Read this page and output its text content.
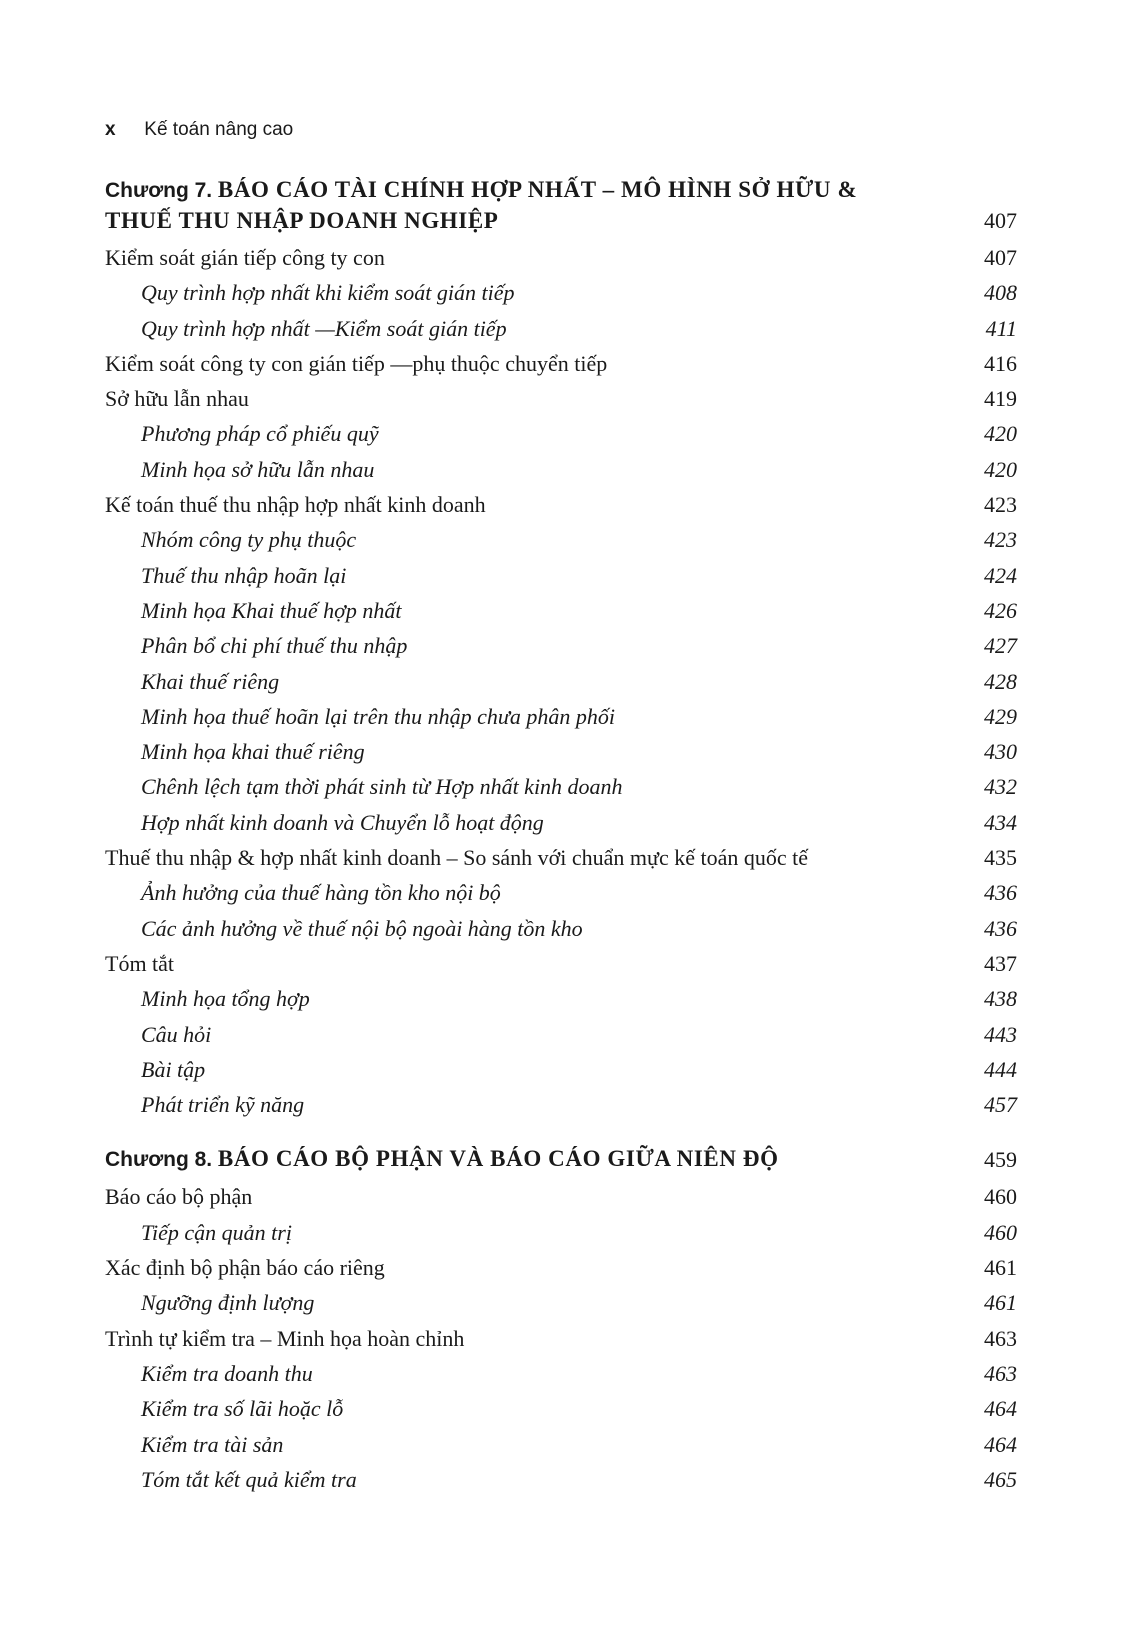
x Kế toán nâng cao
Chương 7. BÁO CÁO TÀI CHÍNH HỢP NHẤT – MÔ HÌNH SỞ HỮU & THUẾ THU NHẬP DOANH NGHIỆP	407
Kiểm soát gián tiếp công ty con	407
Quy trình hợp nhất khi kiểm soát gián tiếp	408
Quy trình hợp nhất —Kiểm soát gián tiếp	411
Kiểm soát công ty con gián tiếp —phụ thuộc chuyển tiếp	416
Sở hữu lẫn nhau	419
Phương pháp cổ phiếu quỹ	420
Minh họa sở hữu lẫn nhau	420
Kế toán thuế thu nhập hợp nhất kinh doanh	423
Nhóm công ty phụ thuộc	423
Thuế thu nhập hoãn lại	424
Minh họa Khai thuế hợp nhất	426
Phân bổ chi phí thuế thu nhập	427
Khai thuế riêng	428
Minh họa thuế hoãn lại trên thu nhập chưa phân phối	429
Minh họa khai thuế riêng	430
Chênh lệch tạm thời phát sinh từ Hợp nhất kinh doanh	432
Hợp nhất kinh doanh và Chuyển lỗ hoạt động	434
Thuế thu nhập & hợp nhất kinh doanh – So sánh với chuẩn mực kế toán quốc tế	435
Ảnh hưởng của thuế hàng tồn kho nội bộ	436
Các ảnh hưởng về thuế nội bộ ngoài hàng tồn kho	436
Tóm tắt	437
Minh họa tổng hợp	438
Câu hỏi	443
Bài tập	444
Phát triển kỹ năng	457
Chương 8. BÁO CÁO BỘ PHẬN VÀ BÁO CÁO GIỮA NIÊN ĐỘ	459
Báo cáo bộ phận	460
Tiếp cận quản trị	460
Xác định bộ phận báo cáo riêng	461
Ngưỡng định lượng	461
Trình tự kiểm tra – Minh họa hoàn chỉnh	463
Kiểm tra doanh thu	463
Kiểm tra số lãi hoặc lỗ	464
Kiểm tra tài sản	464
Tóm tắt kết quả kiểm tra	465
